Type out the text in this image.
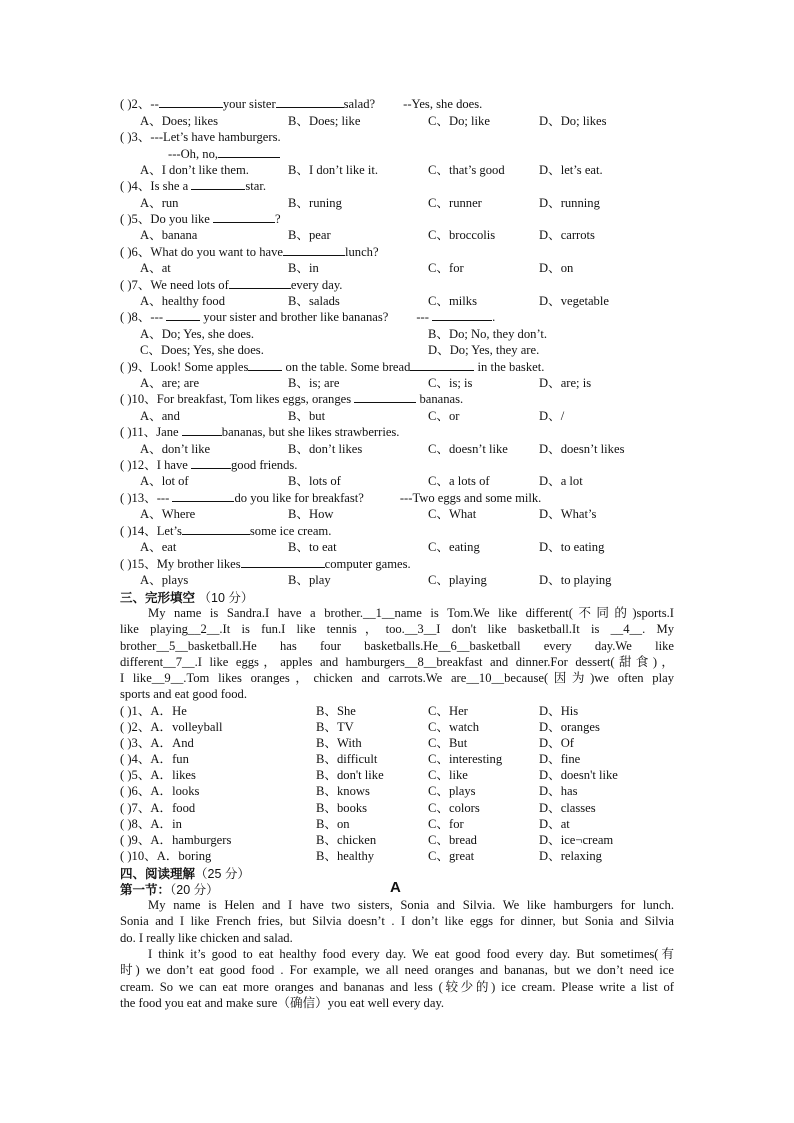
( )2、--	your sister	salad? --Yes, she does.
A、Does; likes	B、Does; like	C、Do; like	D、Do; likes
( )3、---Let’s have hamburgers.
---Oh, no,
A、I don’t like them.	B、I don’t like it.	C、that’s good	D、let’s eat.
( )4、Is she a	star.
A、run	B、runing	C、runner	D、running
( )5、Do you like	?
A、banana	B、pear	C、broccolis	D、carrots
( )6、What do you want to have	lunch?
A、at	B、in	C、for	D、on
( )7、We need lots of	every day.
A、healthy food	B、salads	C、milks	D、vegetable
( )8、---	your sister and brother like bananas? ---	.
A、Do; Yes, she does.	B、Do; No, they don’t.
C、Does; Yes, she does.	D、Do; Yes, they are.
( )9、Look! Some apples	on the table. Some bread	in the basket.
A、are; are	B、is; are	C、is; is	D、are; is
( )10、For breakfast, Tom likes eggs, oranges	bananas.
A、and	B、but	C、or	D、/
( )11、Jane	bananas, but she likes strawberries.
A、don’t like	B、don’t likes	C、doesn’t like D、doesn’t likes
( )12、I have	good friends.
A、lot of	B、lots of	C、a lots of	D、a lot
( )13、---	do you like for breakfast?	---Two eggs and some milk.
A、Where	B、How	C、What	D、What’s
( )14、Let’s	some ice cream.
A、eat	B、to eat	C、eating	D、to eating
( )15、My brother likes	computer games.
A、plays	B、play	C、playing	D、to playing
三、完形填空 （10 分）
My name is Sandra.I have a brother.__1__name is Tom.We like different(不同的)sports.I
like playing__2__.It is fun.I like tennis，too.__3__I don't like basketball.It is __4__. My
brother__5__basketball.He has four basketballs.He__6__basketball every day.We like
different__7__.I like eggs，apples and hamburgers__8__breakfast and dinner.For dessert(甜食)，
I like__9__.Tom likes oranges，chicken and carrots.We are__10__because(因为)we often play
sports and eat good food.
( )1、A．He	B、She	C、Her	D、His
( )2、A．volleyball	B、TV	C、watch	D、oranges
( )3、A．And	B、With	C、But	D、Of
( )4、A．fun	B、difficult	C、interesting	D、fine
( )5、A．likes	B、don't like	C、like	D、doesn't like
( )6、A．looks	B、knows	C、plays	D、has
( )7、A．food	B、books	C、colors	D、classes
( )8、A．in	B、on	C、for	D、at
( )9、A．hamburgers	B、chicken	C、bread	D、ice¬cream
( )10、A．boring	B、healthy	C、great	D、relaxing
四、阅读理解（25 分）
第一节：（20 分）	A
My name is Helen and I have two sisters, Sonia and Silvia. We like hamburgers for lunch.
Sonia and I like French fries, but Silvia doesn’t . I don’t like eggs for dinner, but Sonia and Silvia
do. I really like chicken and salad.
I think it’s good to eat healthy food every day. We eat good food every day. But sometimes(有
时) we don’t eat good food . For example, we all need oranges and bananas, but we don’t need ice
cream. So we can eat more oranges and bananas and less (较少的) ice cream. Please write a list of
the food you eat and make sure（确信）you eat well every day.
